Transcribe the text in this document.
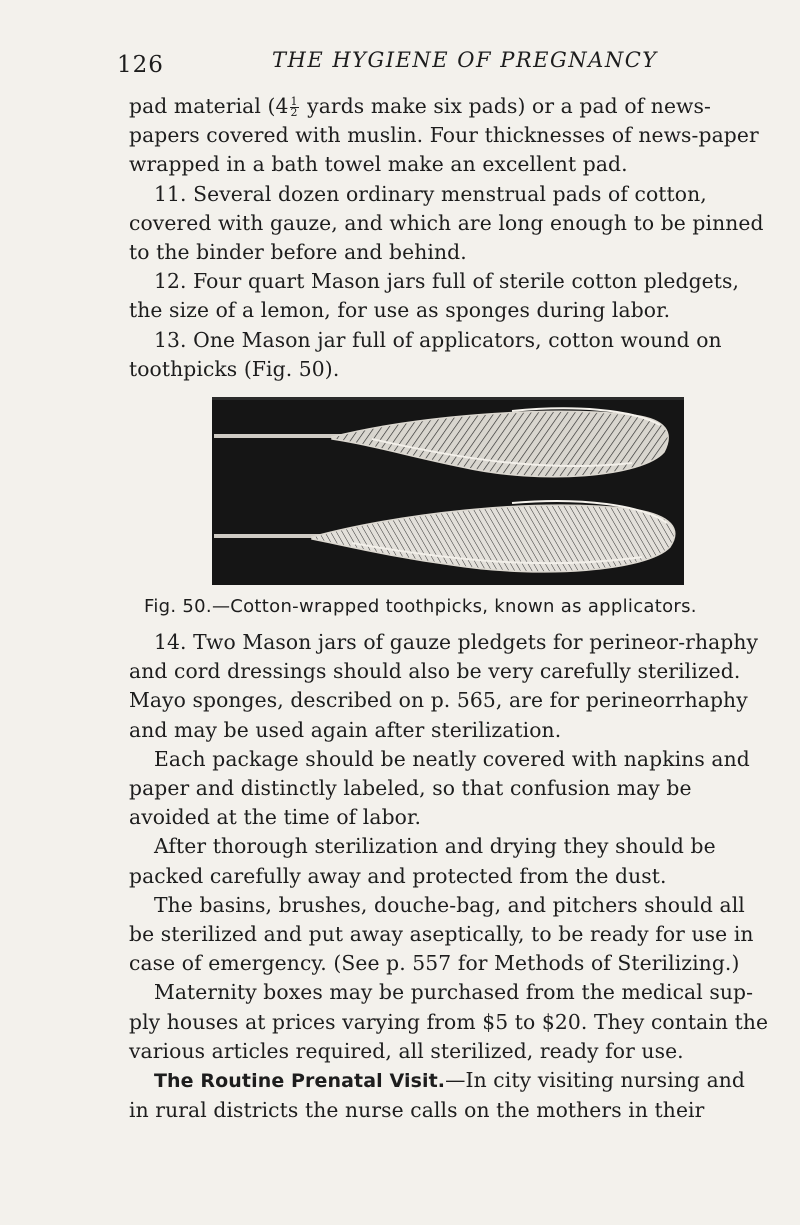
126	THE HYGIENE OF PREGNANCY

pad material ($4 \frac{1}{2}$ yards make six pads) or a pad of news-papers covered with muslin. Four thicknesses of news-paper wrapped in a bath towel make an excellent pad.

11. Several dozen ordinary menstrual pads of cotton, covered with gauze, and which are long enough to be pinned to the binder before and behind.

12. Four quart Mason jars full of sterile cotton pledgets, the size of a lemon, for use as sponges during labor.

13. One Mason jar full of applicators, cotton wound on toothpicks (Fig. 50).

Fig. 50.—Cotton-wrapped toothpicks, known as applicators.

14. Two Mason jars of gauze pledgets for perineor-rhaphy and cord dressings should also be very carefully sterilized. Mayo sponges, described on p. 565, are for perineorrhaphy and may be used again after sterilization.

Each package should be neatly covered with napkins and paper and distinctly labeled, so that confusion may be avoided at the time of labor.

After thorough sterilization and drying they should be packed carefully away and protected from the dust.

The basins, brushes, douche-bag, and pitchers should all be sterilized and put away aseptically, to be ready for use in case of emergency. (See p. 557 for Methods of Sterilizing.)

Maternity boxes may be purchased from the medical sup-ply houses at prices varying from $5 to $20. They contain the various articles required, all sterilized, ready for use.

The Routine Prenatal Visit.—In city visiting nursing and in rural districts the nurse calls on the mothers in their
